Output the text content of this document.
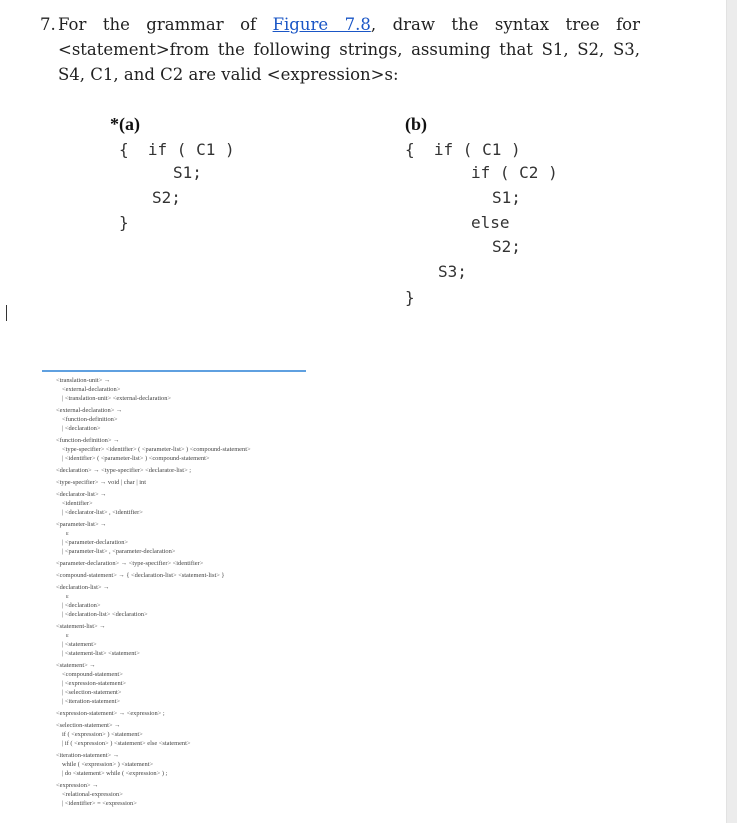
7. For the grammar of Figure 7.8, draw the syntax tree for <statement>from the following strings, assuming that S1, S2, S3, S4, C1, and C2 are valid <expression>s:
*(a)
{  if ( C1 )
S1;
S2;
}
(b)
{  if ( C1 )
if ( C2 )
S1;
else
S2;
S3;
}
<translation-unit> →
<external-declaration>
| <translation-unit> <external-declaration>
<external-declaration> →
<function-definition>
| <declaration>
<function-definition> →
<type-specifier> <identifier> ( <parameter-list> ) <compound-statement>
| <identifier> ( <parameter-list> ) <compound-statement>
<declaration> → <type-specifier> <declarator-list> ;
<type-specifier> → void | char | int
<declarator-list> →
<identifier>
| <declarator-list> , <identifier>
<parameter-list> →
ε
| <parameter-declaration>
| <parameter-list> , <parameter-declaration>
<parameter-declaration> → <type-specifier> <identifier>
<compound-statement> → { <declaration-list> <statement-list> }
<declaration-list> →
ε
| <declaration>
| <declaration-list> <declaration>
<statement-list> →
ε
| <statement>
| <statement-list> <statement>
<statement> →
<compound-statement>
| <expression-statement>
| <selection-statement>
| <iteration-statement>
<expression-statement> → <expression> ;
<selection-statement> →
if ( <expression> ) <statement>
| if ( <expression> ) <statement> else <statement>
<iteration-statement> →
while ( <expression> ) <statement>
| do <statement> while ( <expression> ) ;
<expression> →
<relational-expression>
| <identifier> = <expression>
